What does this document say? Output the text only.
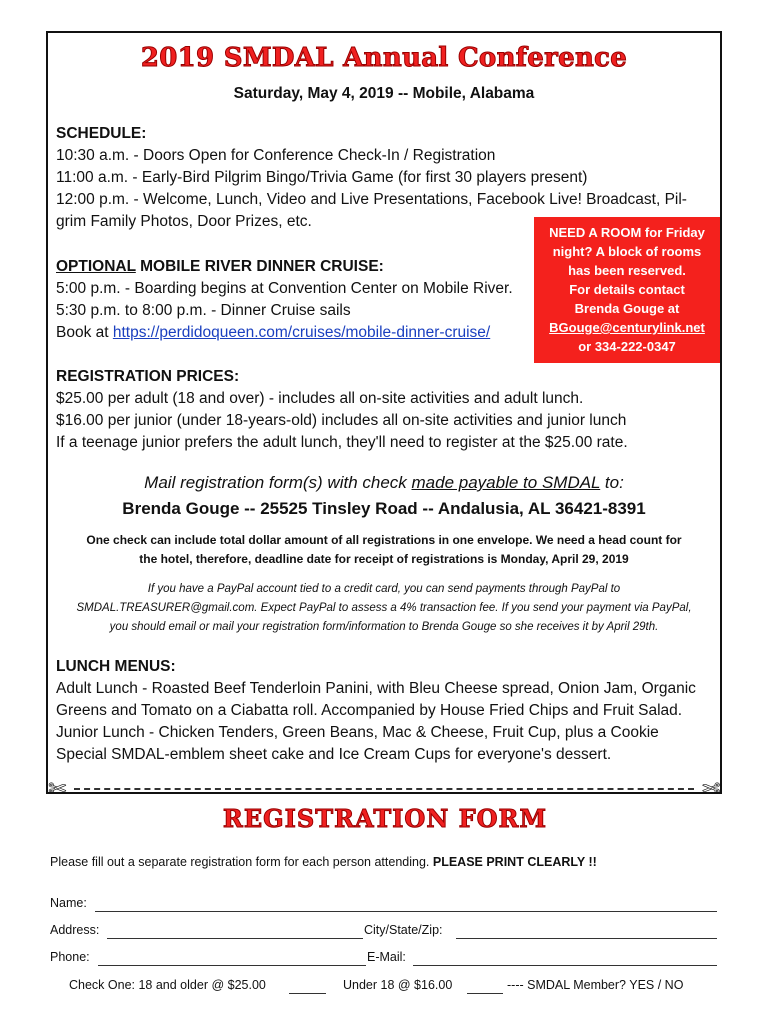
2019 SMDAL Annual Conference
Saturday, May 4, 2019 -- Mobile, Alabama
SCHEDULE:
10:30 a.m. - Doors Open for Conference Check-In / Registration
11:00 a.m. - Early-Bird Pilgrim Bingo/Trivia Game (for first 30 players present)
12:00 p.m. - Welcome, Lunch, Video and Live Presentations, Facebook Live! Broadcast, Pil-
grim Family Photos, Door Prizes, etc.
OPTIONAL MOBILE RIVER DINNER CRUISE:
5:00 p.m. - Boarding begins at Convention Center on Mobile River.
5:30 p.m. to 8:00 p.m. - Dinner Cruise sails
Book at https://perdidoqueen.com/cruises/mobile-dinner-cruise/
NEED A ROOM for Friday
night? A block of rooms
has been reserved.
For details contact
Brenda Gouge at
BGouge@centurylink.net
or 334-222-0347
REGISTRATION PRICES:
$25.00 per adult (18 and over) - includes all on-site activities and adult lunch.
$16.00 per junior (under 18-years-old) includes all on-site activities and junior lunch
If a teenage junior prefers the adult lunch, they'll need to register at the $25.00 rate.
Mail registration form(s) with check made payable to SMDAL to:
Brenda Gouge -- 25525 Tinsley Road -- Andalusia, AL 36421-8391
One check can include total dollar amount of all registrations in one envelope. We need a head count for
the hotel, therefore, deadline date for receipt of registrations is Monday, April 29, 2019
If you have a PayPal account tied to a credit card, you can send payments through PayPal to
SMDAL.TREASURER@gmail.com. Expect PayPal to assess a 4% transaction fee. If you send your payment via PayPal,
you should email or mail your registration form/information to Brenda Gouge so she receives it by April 29th.
LUNCH MENUS:
Adult Lunch - Roasted Beef Tenderloin Panini, with Bleu Cheese spread, Onion Jam, Organic
Greens and Tomato on a Ciabatta roll. Accompanied by House Fried Chips and Fruit Salad.
Junior Lunch - Chicken Tenders, Green Beans, Mac & Cheese, Fruit Cup, plus a Cookie
Special SMDAL-emblem sheet cake and Ice Cream Cups for everyone's dessert.
✄	✄
REGISTRATION FORM
Please fill out a separate registration form for each person attending. PLEASE PRINT CLEARLY !!
Name:
Address:	City/State/Zip:
Phone:	E-Mail:
Check One: 18 and older @ $25.00	Under 18 @ $16.00	---- SMDAL Member? YES / NO
